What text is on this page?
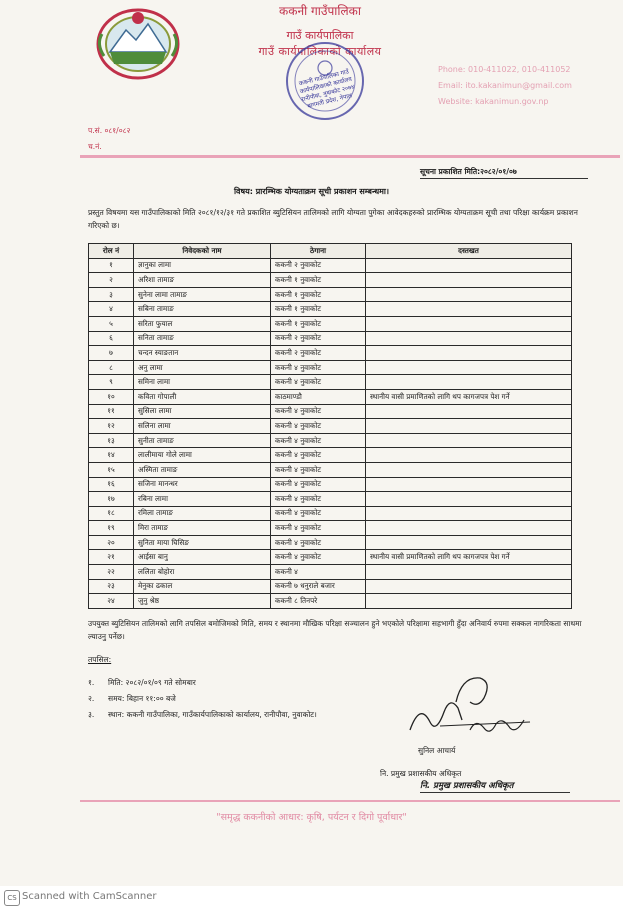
ककनी गाउँपालिका
गाउँ कार्यपालिका
गाउँ कार्यपालिकाको कार्यालय
ककनी गाउँपालिका गाउँ कार्यपालिकाको कार्यालय रानीपौवा, नुवाकोट २०७४ बागमती प्रदेश, नेपाल
Phone: 010-411022, 010-411052
Email: ito.kakanimun@gmail.com
Website: kakanimun.gov.np
प.सं. ०८१/०८२
च.नं.
सूचना प्रकाशित मिति:२०८२/०१/०७
विषय: प्रारम्भिक योग्यताक्रम सूची प्रकाशन सम्बन्धमा।
प्रस्तुत विषयमा यस गाउँपालिकाको मिति २०८१/१२/३१ गते प्रकाशित ब्युटिसियन तालिमको लागि योग्यता पुगेका आवेदकहरुको प्रारम्भिक योग्यताक्रम सूची तथा परिक्षा कार्यक्रम प्रकाशन गरिएको छ।
रोल नं	निवेदकको नाम	ठेगाना	दस्तखत
१	ज्ञानुका लामा	ककनी २ नुवाकोट	
२	अरिशा तामाङ	ककनी १ नुवाकोट	
३	सुनेना लामा तामाङ	ककनी १ नुवाकोट	
४	सबिना तामाङ	ककनी १ नुवाकोट	
५	सरिता फुयाल	ककनी १ नुवाकोट	
६	सनिता तामाङ	ककनी २ नुवाकोट	
७	चन्दन स्याङतान	ककनी २ नुवाकोट	
८	अनु लामा	ककनी ४ नुवाकोट	
९	समिना लामा	ककनी ४ नुवाकोट	
१०	कविता गोपाली	काठमाण्डौ	स्थानीय वासी प्रमाणितको लागि थप कागजपत्र पेश गर्ने
११	सुसिला लामा	ककनी ४ नुवाकोट	
१२	सलिना लामा	ककनी ४ नुवाकोट	
१३	सुनीता तामाङ	ककनी ४ नुवाकोट	
१४	लालीमाया गोले लामा	ककनी ४ नुवाकोट	
१५	अस्मिता तामाङ	ककनी ४ नुवाकोट	
१६	सजिना मानन्धर	ककनी ४ नुवाकोट	
१७	रबिना लामा	ककनी ४ नुवाकोट	
१८	रमिला तामाङ	ककनी ४ नुवाकोट	
१९	मिरा तामाङ	ककनी ४ नुवाकोट	
२०	सुनिता माया घिसिङ	ककनी ४ नुवाकोट	
२१	आईसा बानु	ककनी ४ नुवाकोट	स्थानीय वासी प्रमाणितको लागि थप कागजपत्र पेश गर्ने
२२	ललिता बोहोरा	ककनी ४	
२३	मेनुका ढकाल	ककनी ७ धनुराले बजार	
२४	जुनु श्रेष्ठ	ककनी ८ तिनपरे	
उपयुक्त ब्युटिसियन तालिमको लागि तपसिल बमोजिमको मिति, समय र स्थानमा मौखिक परिक्षा सञ्चालन हुने भएकोले परिक्षामा सहभागी हुँदा अनिवार्य रुपमा सक्कल नागरिकता साथमा ल्याउनु पर्नेछ।
तपसिल:
१. मिति: २०८२/०१/०९ गते सोमबार
२. समय: बिहान ११:०० बजे
३. स्थान: ककनी गाउँपालिका, गाउँकार्यपालिकाको कार्यालय, रानीपौवा, नुवाकोट।
सुनिल आचार्य
नि. प्रमुख प्रशासकीय अधिकृत
नि. प्रमुख प्रशासकीय अधिकृत
"समृद्ध ककनीको आधार: कृषि, पर्यटन र दिगो पूर्वाधार"
CS Scanned with CamScanner
